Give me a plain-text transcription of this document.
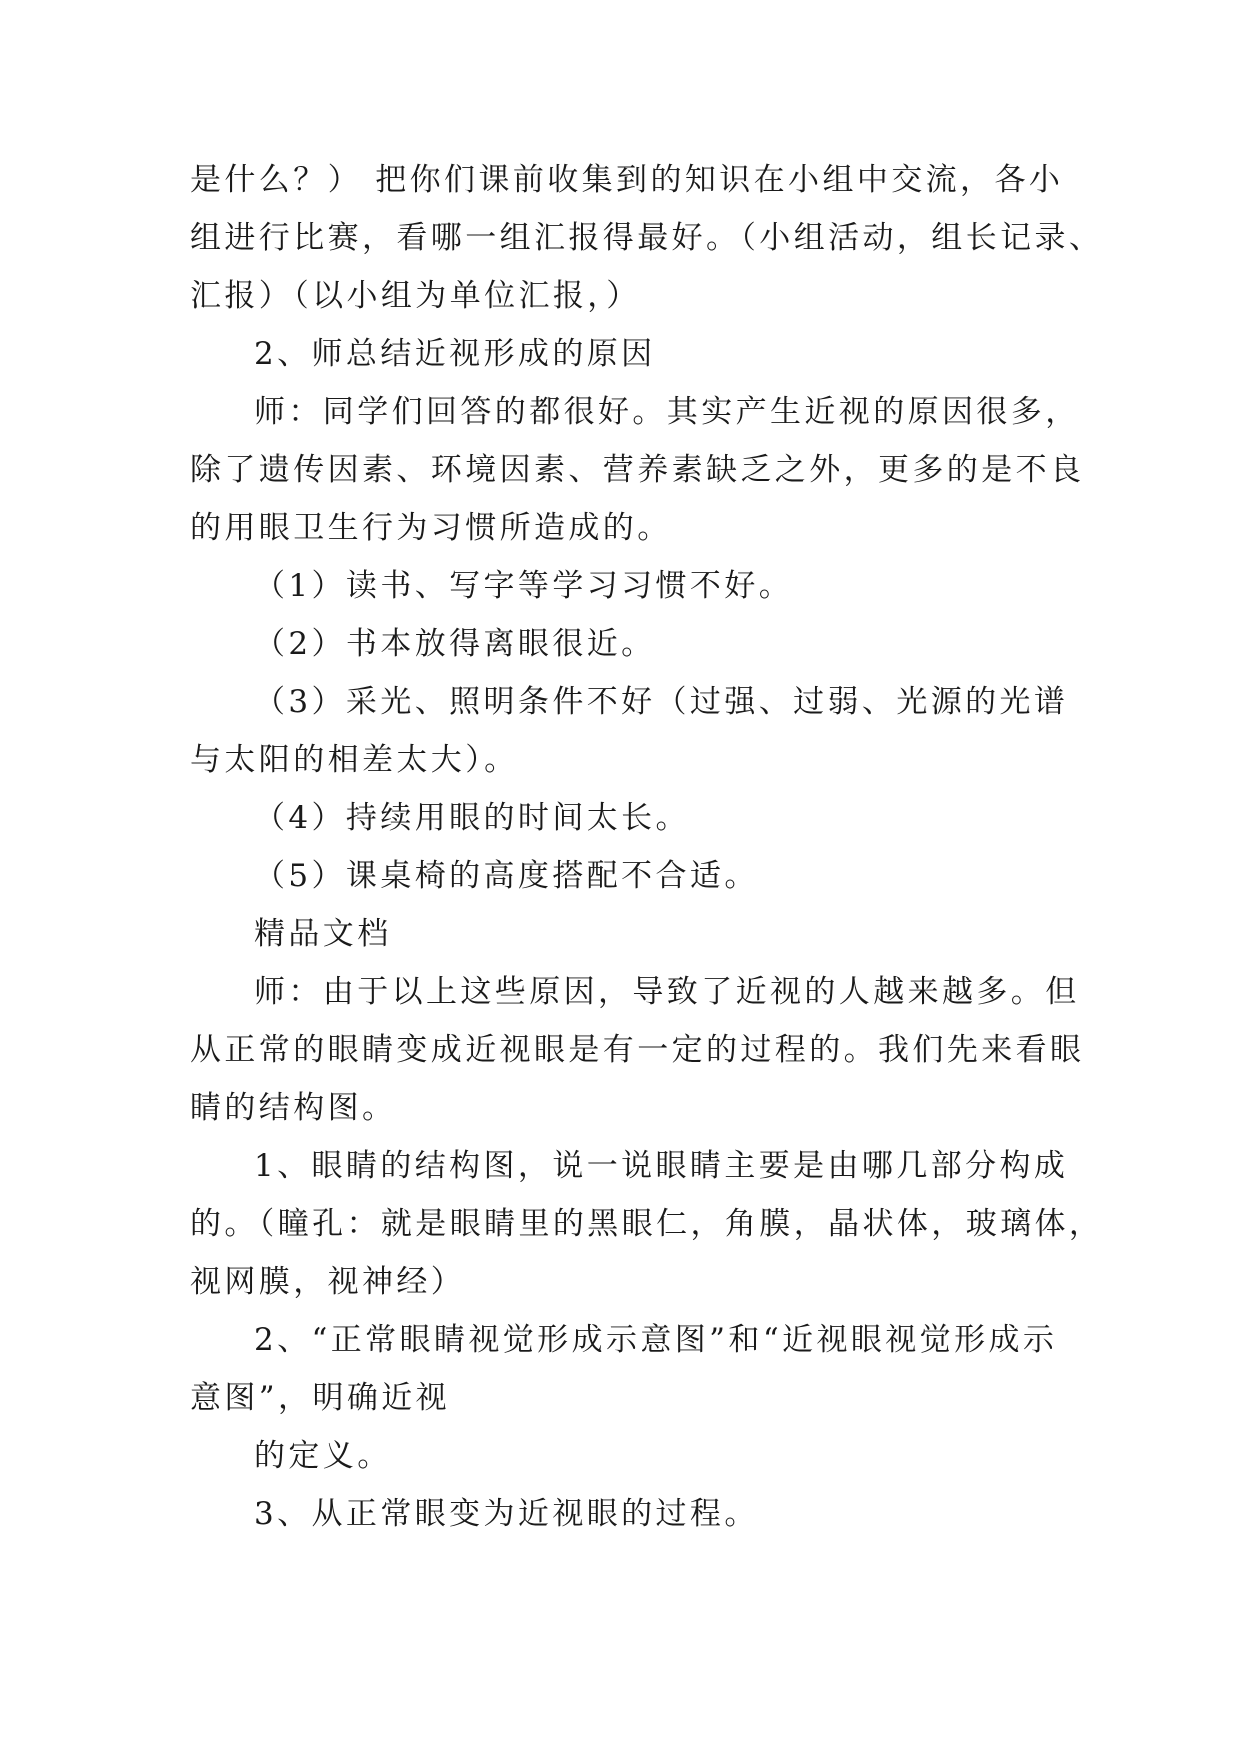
是什么？） 把你们课前收集到的知识在小组中交流，各小
组进行比赛，看哪一组汇报得最好。（小组活动，组长记录、
汇报）（以小组为单位汇报，）
2、师总结近视形成的原因
师：同学们回答的都很好。其实产生近视的原因很多，
除了遗传因素、环境因素、营养素缺乏之外，更多的是不良
的用眼卫生行为习惯所造成的。
（1）读书、写字等学习习惯不好。
（2）书本放得离眼很近。
（3）采光、照明条件不好（过强、过弱、光源的光谱
与太阳的相差太大）。
（4）持续用眼的时间太长。
（5）课桌椅的高度搭配不合适。
精品文档
师：由于以上这些原因，导致了近视的人越来越多。但
从正常的眼睛变成近视眼是有一定的过程的。我们先来看眼
睛的结构图。
1、眼睛的结构图，说一说眼睛主要是由哪几部分构成
的。（瞳孔：就是眼睛里的黑眼仁，角膜，晶状体，玻璃体，
视网膜，视神经）
2、“正常眼睛视觉形成示意图”和“近视眼视觉形成示
意图”，明确近视
的定义。
3、从正常眼变为近视眼的过程。
